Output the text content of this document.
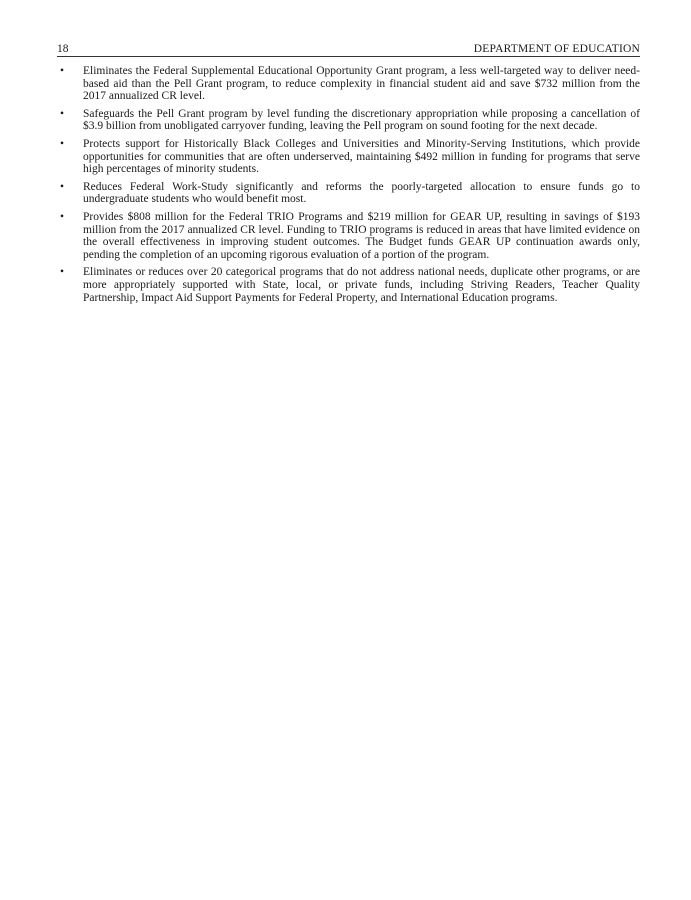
18	DEPARTMENT OF EDUCATION
• Eliminates the Federal Supplemental Educational Opportunity Grant program, a less well-targeted way to deliver need-based aid than the Pell Grant program, to reduce complexity in financial student aid and save $732 million from the 2017 annualized CR level.
• Safeguards the Pell Grant program by level funding the discretionary appropriation while proposing a cancellation of $3.9 billion from unobligated carryover funding, leaving the Pell program on sound footing for the next decade.
• Protects support for Historically Black Colleges and Universities and Minority-Serving Institutions, which provide opportunities for communities that are often underserved, maintaining $492 million in funding for programs that serve high percentages of minority students.
• Reduces Federal Work-Study significantly and reforms the poorly-targeted allocation to ensure funds go to undergraduate students who would benefit most.
• Provides $808 million for the Federal TRIO Programs and $219 million for GEAR UP, resulting in savings of $193 million from the 2017 annualized CR level. Funding to TRIO programs is reduced in areas that have limited evidence on the overall effectiveness in improving student outcomes. The Budget funds GEAR UP continuation awards only, pending the completion of an upcoming rigorous evaluation of a portion of the program.
• Eliminates or reduces over 20 categorical programs that do not address national needs, duplicate other programs, or are more appropriately supported with State, local, or private funds, including Striving Readers, Teacher Quality Partnership, Impact Aid Support Payments for Federal Property, and International Education programs.
